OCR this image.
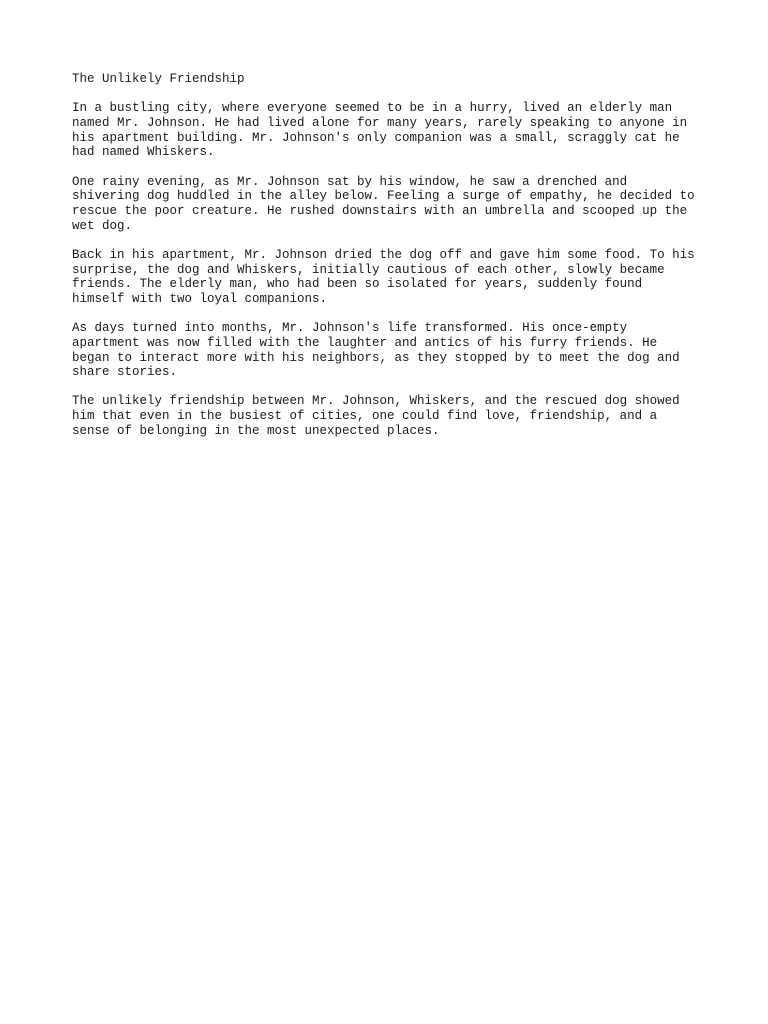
The Unlikely Friendship

In a bustling city, where everyone seemed to be in a hurry, lived an elderly man
named Mr. Johnson. He had lived alone for many years, rarely speaking to anyone in
his apartment building. Mr. Johnson's only companion was a small, scraggly cat he
had named Whiskers.

One rainy evening, as Mr. Johnson sat by his window, he saw a drenched and
shivering dog huddled in the alley below. Feeling a surge of empathy, he decided to
rescue the poor creature. He rushed downstairs with an umbrella and scooped up the
wet dog.

Back in his apartment, Mr. Johnson dried the dog off and gave him some food. To his
surprise, the dog and Whiskers, initially cautious of each other, slowly became
friends. The elderly man, who had been so isolated for years, suddenly found
himself with two loyal companions.

As days turned into months, Mr. Johnson's life transformed. His once-empty
apartment was now filled with the laughter and antics of his furry friends. He
began to interact more with his neighbors, as they stopped by to meet the dog and
share stories.

The unlikely friendship between Mr. Johnson, Whiskers, and the rescued dog showed
him that even in the busiest of cities, one could find love, friendship, and a
sense of belonging in the most unexpected places.
